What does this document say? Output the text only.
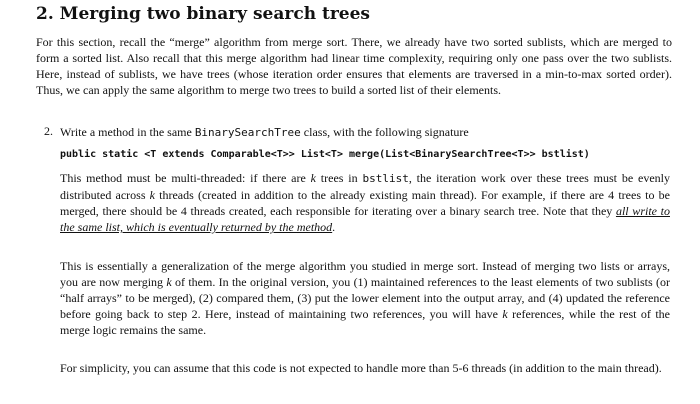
2. Merging two binary search trees

For this section, recall the “merge” algorithm from merge sort. There, we already have two sorted sublists, which are merged to form a sorted list. Also recall that this merge algorithm had linear time complexity, requiring only one pass over the two sublists. Here, instead of sublists, we have trees (whose iteration order ensures that elements are traversed in a min-to-max sorted order). Thus, we can apply the same algorithm to merge two trees to build a sorted list of their elements.

2. Write a method in the same BinarySearchTree class, with the following signature

public static <T extends Comparable<T>> List<T> merge(List<BinarySearchTree<T>> bstlist)

This method must be multi-threaded: if there are k trees in bstlist, the iteration work over these trees must be evenly distributed across k threads (created in addition to the already existing main thread). For example, if there are 4 trees to be merged, there should be 4 threads created, each responsible for iterating over a binary search tree. Note that they all write to the same list, which is eventually returned by the method.

This is essentially a generalization of the merge algorithm you studied in merge sort. Instead of merging two lists or arrays, you are now merging k of them. In the original version, you (1) maintained references to the least elements of two sublists (or “half arrays” to be merged), (2) compared them, (3) put the lower element into the output array, and (4) updated the reference before going back to step 2. Here, instead of maintaining two references, you will have k references, while the rest of the merge logic remains the same.

For simplicity, you can assume that this code is not expected to handle more than 5-6 threads (in addition to the main thread).
